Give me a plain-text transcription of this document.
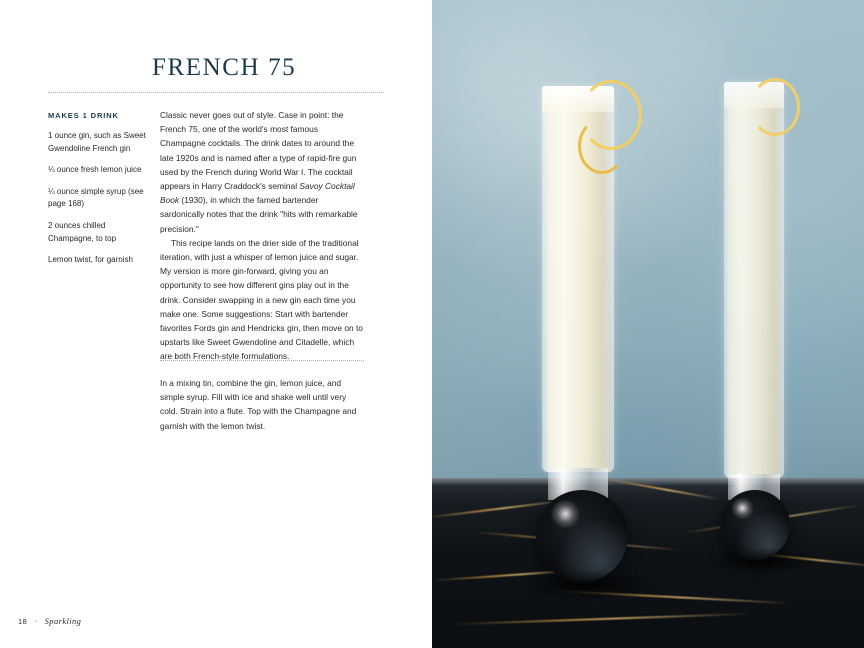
FRENCH 75
MAKES 1 DRINK
1 ounce gin, such as Sweet Gwendoline French gin
¼ ounce fresh lemon juice
¼ ounce simple syrup (see page 168)
2 ounces chilled Champagne, to top
Lemon twist, for garnish

Classic never goes out of style. Case in point: the French 75, one of the world's most famous Champagne cocktails. The drink dates to around the late 1920s and is named after a type of rapid-fire gun used by the French during World War I. The cocktail appears in Harry Craddock's seminal Savoy Cocktail Book (1930), in which the famed bartender sardonically notes that the drink "hits with remarkable precision."

This recipe lands on the drier side of the traditional iteration, with just a whisper of lemon juice and sugar. My version is more gin-forward, giving you an opportunity to see how different gins play out in the drink. Consider swapping in a new gin each time you make one. Some suggestions: Start with bartender favorites Fords gin and Hendricks gin, then move on to upstarts like Sweet Gwendoline and Citadelle, which are both French-style formulations.

In a mixing tin, combine the gin, lemon juice, and simple syrup. Fill with ice and shake well until very cold. Strain into a flute. Top with the Champagne and garnish with the lemon twist.

18 ◦ Sparkling
